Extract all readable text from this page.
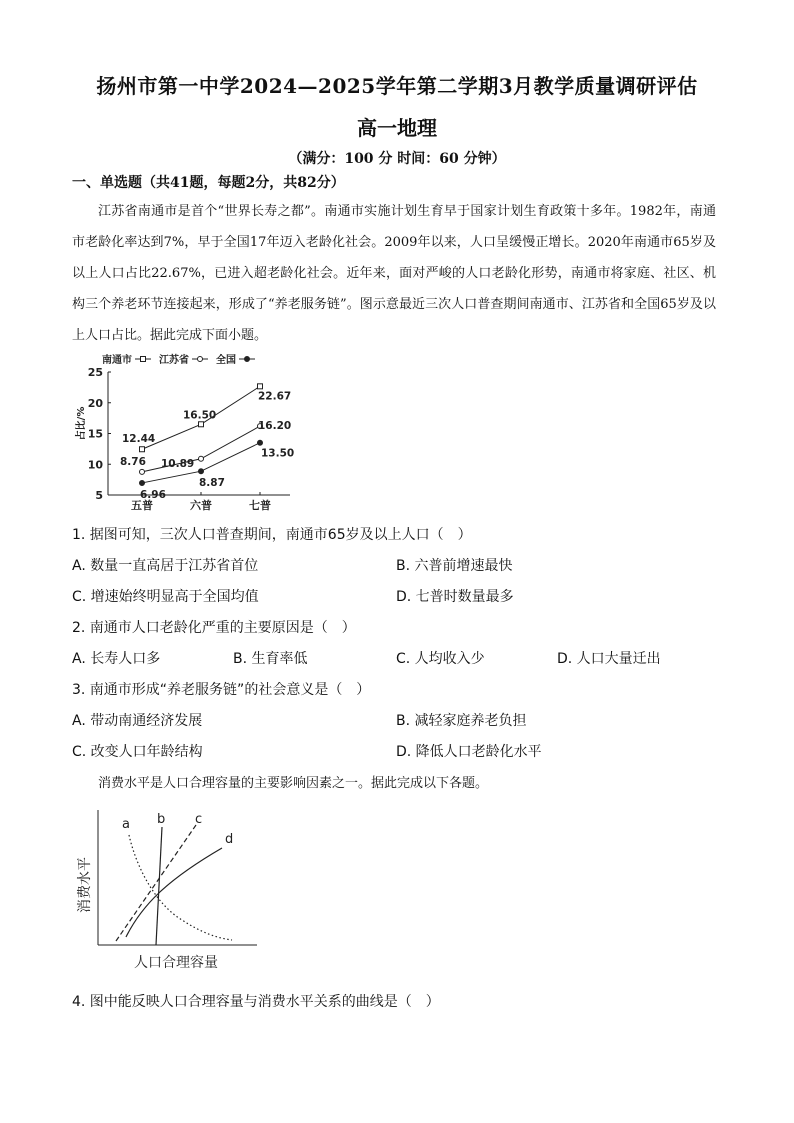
扬州市第一中学2024—2025学年第二学期3月教学质量调研评估
高一地理
（满分：100 分 时间：60 分钟）
一、单选题（共41题，每题2分，共82分）
江苏省南通市是首个“世界长寿之都”。南通市实施计划生育早于国家计划生育政策十多年。1982年，南通市老龄化率达到7%，早于全国17年迈入老龄化社会。2009年以来，人口呈缓慢正增长。2020年南通市65岁及以上人口占比22.67%，已进入超老龄化社会。近年来，面对严峻的人口老龄化形势，南通市将家庭、社区、机构三个养老环节连接起来，形成了“养老服务链”。图示意最近三次人口普查期间南通市、江苏省和全国65岁及以上人口占比。据此完成下面小题。
5
10
15
20
25
占比/%
五普	六普	七普
南通市	江苏省	全国
12.44
16.50
22.67
8.76 10.89
16.20
6.96
8.87
13.50
1. 据图可知，三次人口普查期间，南通市65岁及以上人口（　）
A. 数量一直高居于江苏省首位	B. 六普前增速最快
C. 增速始终明显高于全国均值	D. 七普时数量最多
2. 南通市人口老龄化严重的主要原因是（　）
A. 长寿人口多	B. 生育率低	C. 人均收入少	D. 人口大量迁出
3. 南通市形成“养老服务链”的社会意义是（　）
A. 带动南通经济发展	B. 减轻家庭养老负担
C. 改变人口年龄结构	D. 降低人口老龄化水平
消费水平是人口合理容量的主要影响因素之一。据此完成以下各题。
a b c
d
消费水平
人口合理容量
4. 图中能反映人口合理容量与消费水平关系的曲线是（　）
